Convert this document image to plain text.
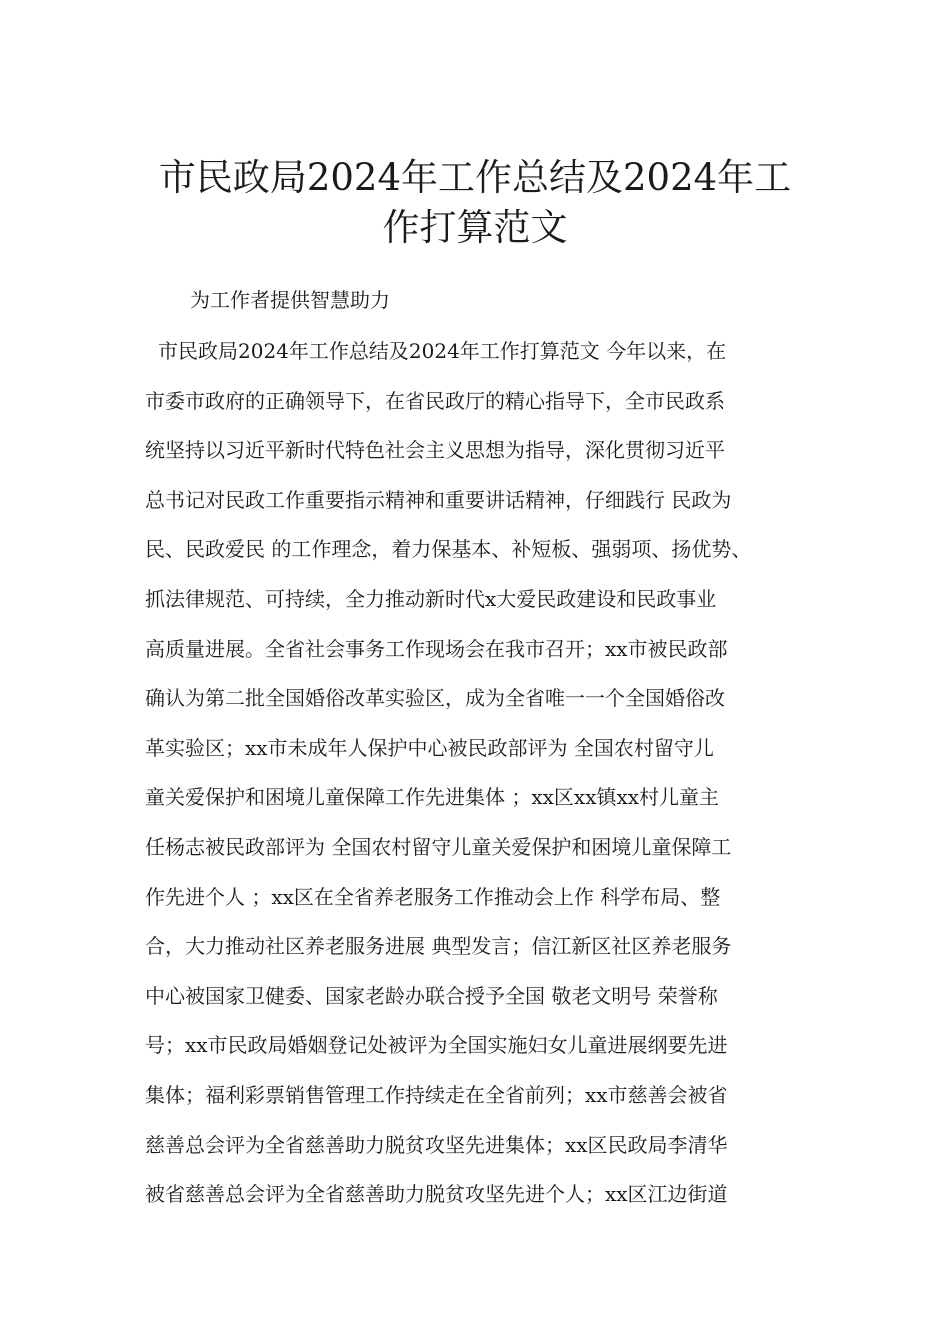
市民政局2024年工作总结及2024年工
作打算范文
为工作者提供智慧助力
市民政局2024年工作总结及2024年工作打算范文 今年以来，在
市委市政府的正确领导下，在省民政厅的精心指导下，全市民政系
统坚持以习近平新时代特色社会主义思想为指导，深化贯彻习近平
总书记对民政工作重要指示精神和重要讲话精神，仔细践行 民政为
民、民政爱民 的工作理念，着力保基本、补短板、强弱项、扬优势、
抓法律规范、可持续，全力推动新时代x大爱民政建设和民政事业
高质量进展。全省社会事务工作现场会在我市召开；xx市被民政部
确认为第二批全国婚俗改革实验区，成为全省唯一一个全国婚俗改
革实验区；xx市未成年人保护中心被民政部评为 全国农村留守儿
童关爱保护和困境儿童保障工作先进集体 ；xx区xx镇xx村儿童主
任杨志被民政部评为 全国农村留守儿童关爱保护和困境儿童保障工
作先进个人 ；xx区在全省养老服务工作推动会上作 科学布局、整
合，大力推动社区养老服务进展 典型发言；信江新区社区养老服务
中心被国家卫健委、国家老龄办联合授予全国 敬老文明号 荣誉称
号；xx市民政局婚姻登记处被评为全国实施妇女儿童进展纲要先进
集体；福利彩票销售管理工作持续走在全省前列；xx市慈善会被省
慈善总会评为全省慈善助力脱贫攻坚先进集体；xx区民政局李清华
被省慈善总会评为全省慈善助力脱贫攻坚先进个人；xx区江边街道
